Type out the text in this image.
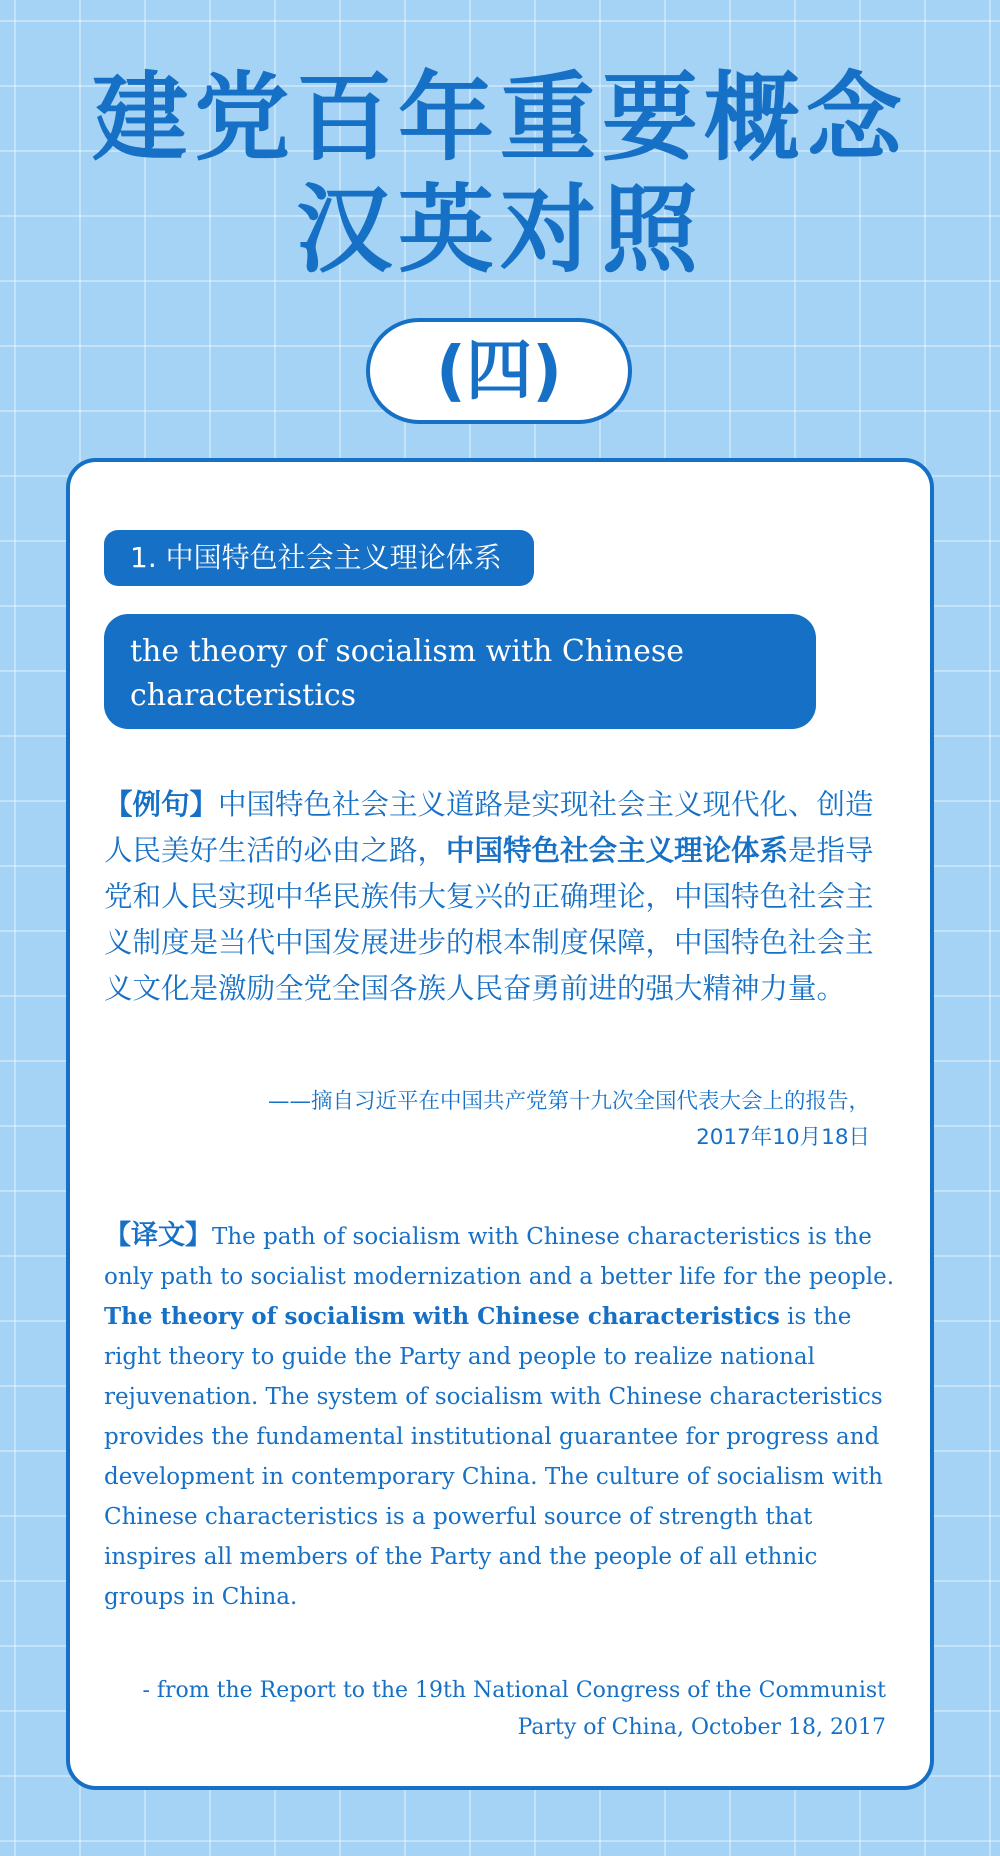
建党百年重要概念
汉英对照
(四)
1. 中国特色社会主义理论体系
the theory of socialism with Chinese characteristics
【例句】中国特色社会主义道路是实现社会主义现代化、创造人民美好生活的必由之路，中国特色社会主义理论体系是指导党和人民实现中华民族伟大复兴的正确理论，中国特色社会主义制度是当代中国发展进步的根本制度保障，中国特色社会主义文化是激励全党全国各族人民奋勇前进的强大精神力量。
——摘自习近平在中国共产党第十九次全国代表大会上的报告，
2017年10月18日
【译文】The path of socialism with Chinese characteristics is the only path to socialist modernization and a better life for the people. The theory of socialism with Chinese characteristics is the right theory to guide the Party and people to realize national rejuvenation. The system of socialism with Chinese characteristics provides the fundamental institutional guarantee for progress and development in contemporary China. The culture of socialism with Chinese characteristics is a powerful source of strength that inspires all members of the Party and the people of all ethnic groups in China.
- from the Report to the 19th National Congress of the Communist
Party of China, October 18, 2017
